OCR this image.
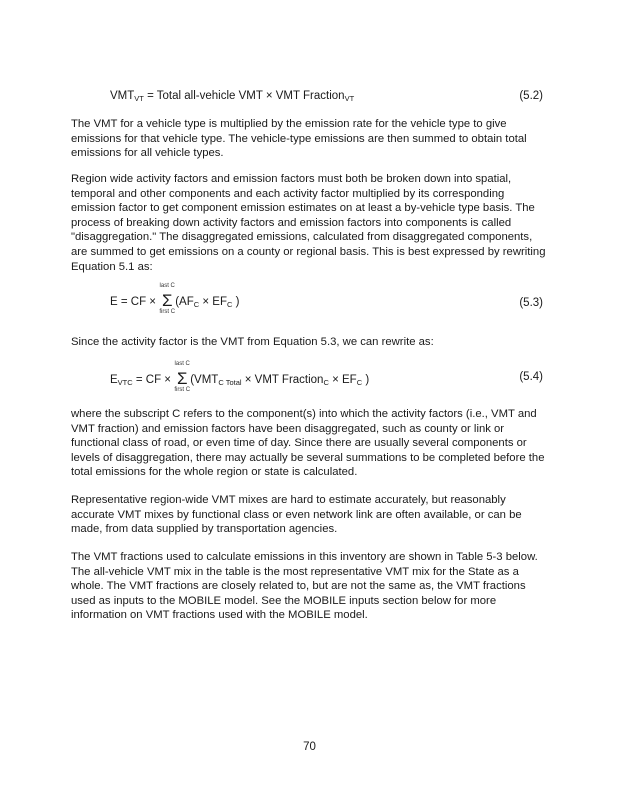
$VMT_{VT}$ = Total all-vehicle VMT × VMT Fraction$_{VT}$	(5.2)
The VMT for a vehicle type is multiplied by the emission rate for the vehicle type to give emissions for that vehicle type. The vehicle-type emissions are then summed to obtain total emissions for all vehicle types.
Region wide activity factors and emission factors must both be broken down into spatial, temporal and other components and each activity factor multiplied by its corresponding emission factor to get component emission estimates on at least a by-vehicle type basis. The process of breaking down activity factors and emission factors into components is called "disaggregation." The disaggregated emissions, calculated from disaggregated components, are summed to get emissions on a county or regional basis. This is best expressed by rewriting Equation 5.1 as:
E = CF ×
last C
Σ
first C
($AF_C \times EF_C$ )	(5.3)
Since the activity factor is the VMT from Equation 5.3, we can rewrite as:
$E_{VTC}$ = CF ×
last C
Σ
first C
($VMT_{C Total}$ × VMT Fraction$_C$ × $EF_C$ )	(5.4)
where the subscript C refers to the component(s) into which the activity factors (i.e., VMT and VMT fraction) and emission factors have been disaggregated, such as county or link or functional class of road, or even time of day. Since there are usually several components or levels of disaggregation, there may actually be several summations to be completed before the total emissions for the whole region or state is calculated.
Representative region-wide VMT mixes are hard to estimate accurately, but reasonably accurate VMT mixes by functional class or even network link are often available, or can be made, from data supplied by transportation agencies.
The VMT fractions used to calculate emissions in this inventory are shown in Table 5-3 below. The all-vehicle VMT mix in the table is the most representative VMT mix for the State as a whole. The VMT fractions are closely related to, but are not the same as, the VMT fractions used as inputs to the MOBILE model. See the MOBILE inputs section below for more information on VMT fractions used with the MOBILE model.
70
